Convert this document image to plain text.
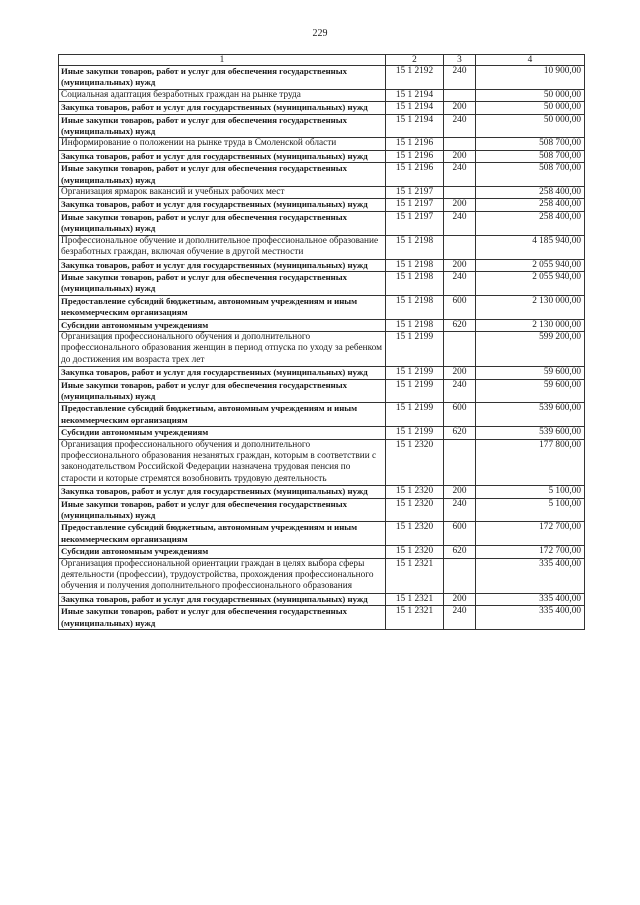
229
1	2	3	4
Иные закупки товаров, работ и услуг для обеспечения государственных (муниципальных) нужд	15 1 2192	240	10 900,00
Социальная адаптация безработных граждан на рынке труда	15 1 2194		50 000,00
Закупка товаров, работ и услуг для государственных (муниципальных) нужд	15 1 2194	200	50 000,00
Иные закупки товаров, работ и услуг для обеспечения государственных (муниципальных) нужд	15 1 2194	240	50 000,00
Информирование о положении на рынке труда в Смоленской области	15 1 2196		508 700,00
Закупка товаров, работ и услуг для государственных (муниципальных) нужд	15 1 2196	200	508 700,00
Иные закупки товаров, работ и услуг для обеспечения государственных (муниципальных) нужд	15 1 2196	240	508 700,00
Организация ярмарок вакансий и учебных рабочих мест	15 1 2197		258 400,00
Закупка товаров, работ и услуг для государственных (муниципальных) нужд	15 1 2197	200	258 400,00
Иные закупки товаров, работ и услуг для обеспечения государственных (муниципальных) нужд	15 1 2197	240	258 400,00
Профессиональное обучение и дополнительное профессиональное образование безработных граждан, включая обучение в другой местности	15 1 2198		4 185 940,00
Закупка товаров, работ и услуг для государственных (муниципальных) нужд	15 1 2198	200	2 055 940,00
Иные закупки товаров, работ и услуг для обеспечения государственных (муниципальных) нужд	15 1 2198	240	2 055 940,00
Предоставление субсидий бюджетным, автономным учреждениям и иным некоммерческим организациям	15 1 2198	600	2 130 000,00
Субсидии автономным учреждениям	15 1 2198	620	2 130 000,00
Организация профессионального обучения и дополнительного профессионального образования женщин в период отпуска по уходу за ребенком до достижения им возраста трех лет	15 1 2199		599 200,00
Закупка товаров, работ и услуг для государственных (муниципальных) нужд	15 1 2199	200	59 600,00
Иные закупки товаров, работ и услуг для обеспечения государственных (муниципальных) нужд	15 1 2199	240	59 600,00
Предоставление субсидий бюджетным, автономным учреждениям и иным некоммерческим организациям	15 1 2199	600	539 600,00
Субсидии автономным учреждениям	15 1 2199	620	539 600,00
Организация профессионального обучения и дополнительного профессионального образования незанятых граждан, которым в соответствии с законодательством Российской Федерации назначена трудовая пенсия по старости и которые стремятся возобновить трудовую деятельность	15 1 2320		177 800,00
Закупка товаров, работ и услуг для государственных (муниципальных) нужд	15 1 2320	200	5 100,00
Иные закупки товаров, работ и услуг для обеспечения государственных (муниципальных) нужд	15 1 2320	240	5 100,00
Предоставление субсидий бюджетным, автономным учреждениям и иным некоммерческим организациям	15 1 2320	600	172 700,00
Субсидии автономным учреждениям	15 1 2320	620	172 700,00
Организация профессиональной ориентации граждан в целях выбора сферы деятельности (профессии), трудоустройства, прохождения профессионального обучения и получения дополнительного профессионального образования	15 1 2321		335 400,00
Закупка товаров, работ и услуг для государственных (муниципальных) нужд	15 1 2321	200	335 400,00
Иные закупки товаров, работ и услуг для обеспечения государственных (муниципальных) нужд	15 1 2321	240	335 400,00
